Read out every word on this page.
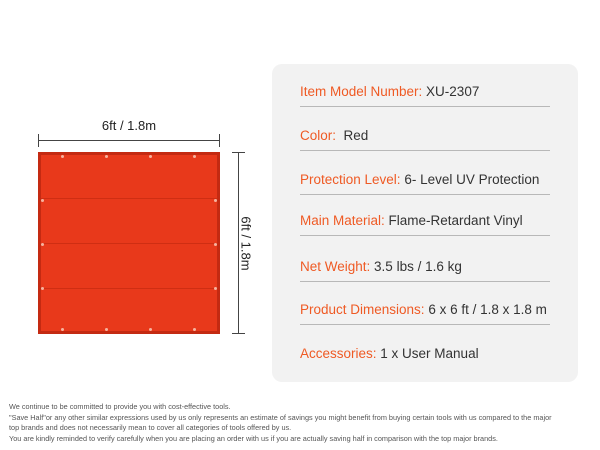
6ft / 1.8m
6ft / 1.8m
Item Model Number: XU-2307
Color:  Red
Protection Level: 6- Level UV Protection
Main Material: Flame-Retardant Vinyl
Net Weight: 3.5 lbs / 1.6 kg
Product Dimensions: 6 x 6 ft / 1.8 x 1.8 m
Accessories: 1 x User Manual

We continue to be committed to provide you with cost-effective tools.

"Save Half"or any other similar expressions used by us only represents an estimate of savings you might benefit from buying certain tools with us compared to the major

top brands and does not necessarily mean to cover all categories of tools offered by us.

You are kindly reminded to verify carefully when you are placing an order with us if you are actually saving half in comparison with the top major brands.
